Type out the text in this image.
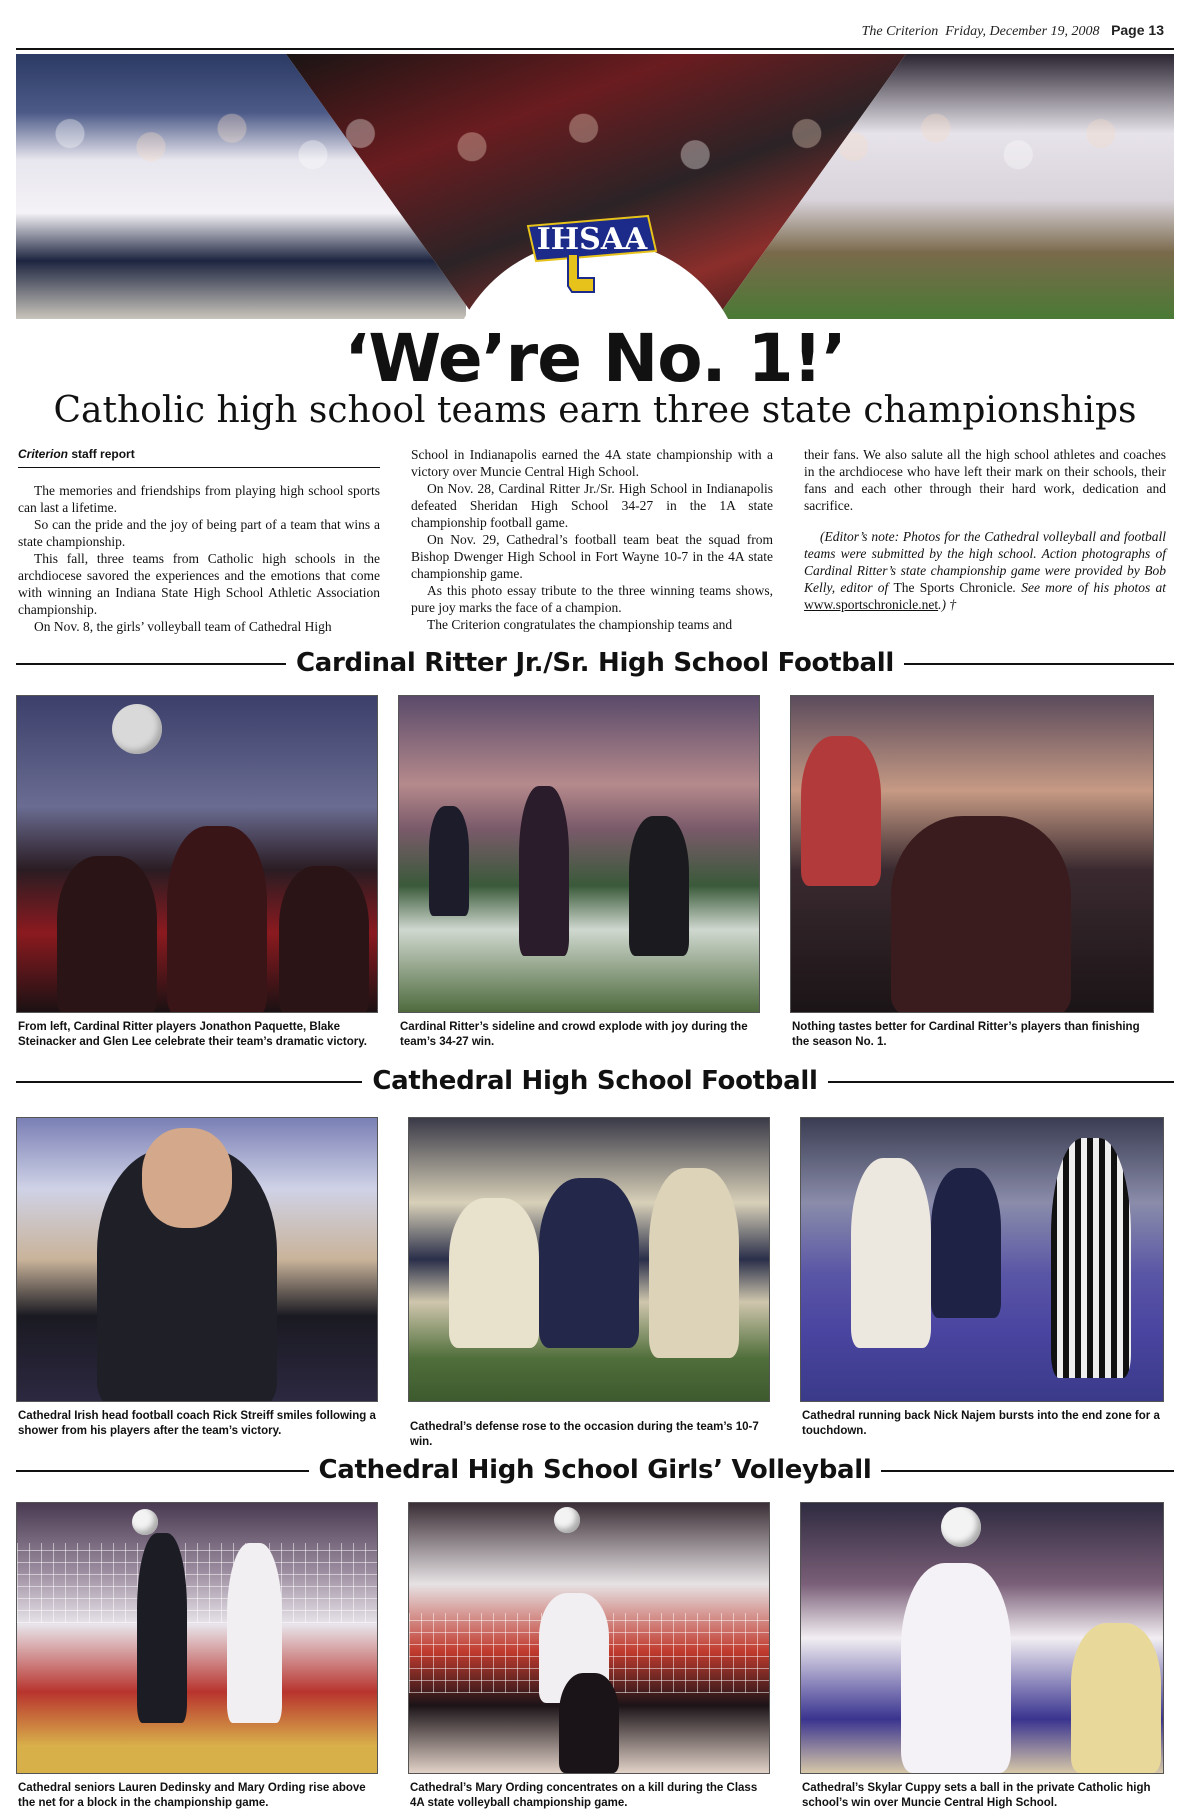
The Criterion Friday, December 19, 2008 Page 13
IHSAA
‘We’re No. 1!’
Catholic high school teams earn three state championships

Criterion staff report

The memories and friendships from playing high school sports can last a lifetime.

So can the pride and the joy of being part of a team that wins a state championship.

This fall, three teams from Catholic high schools in the archdiocese savored the experiences and the emotions that come with winning an Indiana State High School Athletic Association championship.

On Nov. 8, the girls’ volleyball team of Cathedral High

School in Indianapolis earned the 4A state championship with a victory over Muncie Central High School.

On Nov. 28, Cardinal Ritter Jr./Sr. High School in Indianapolis defeated Sheridan High School 34-27 in the 1A state championship football game.

On Nov. 29, Cathedral’s football team beat the squad from Bishop Dwenger High School in Fort Wayne 10-7 in the 4A state championship game.

As this photo essay tribute to the three winning teams shows, pure joy marks the face of a champion.

The Criterion congratulates the championship teams and

their fans. We also salute all the high school athletes and coaches in the archdiocese who have left their mark on their schools, their fans and each other through their hard work, dedication and sacrifice.

(Editor’s note: Photos for the Cathedral volleyball and football teams were submitted by the high school. Action photographs of Cardinal Ritter’s state championship game were provided by Bob Kelly, editor of The Sports Chronicle. See more of his photos at www.sportschronicle.net.) †

Cardinal Ritter Jr./Sr. High School Football
From left, Cardinal Ritter players Jonathon Paquette, Blake Steinacker and Glen Lee celebrate their team’s dramatic victory.
Cardinal Ritter’s sideline and crowd explode with joy during the team’s 34-27 win.
Nothing tastes better for Cardinal Ritter’s players than finishing the season No. 1.
Cathedral High School Football
Cathedral Irish head football coach Rick Streiff smiles following a shower from his players after the team’s victory.	Cathedral’s defense rose to the occasion during the team’s 10-7 win.
Cathedral running back Nick Najem bursts into the end zone for a touchdown.
Cathedral High School Girls’ Volleyball
Cathedral seniors Lauren Dedinsky and Mary Ording rise above the net for a block in the championship game.
Cathedral’s Mary Ording concentrates on a kill during the Class 4A state volleyball championship game.
Cathedral’s Skylar Cuppy sets a ball in the private Catholic high school’s win over Muncie Central High School.
